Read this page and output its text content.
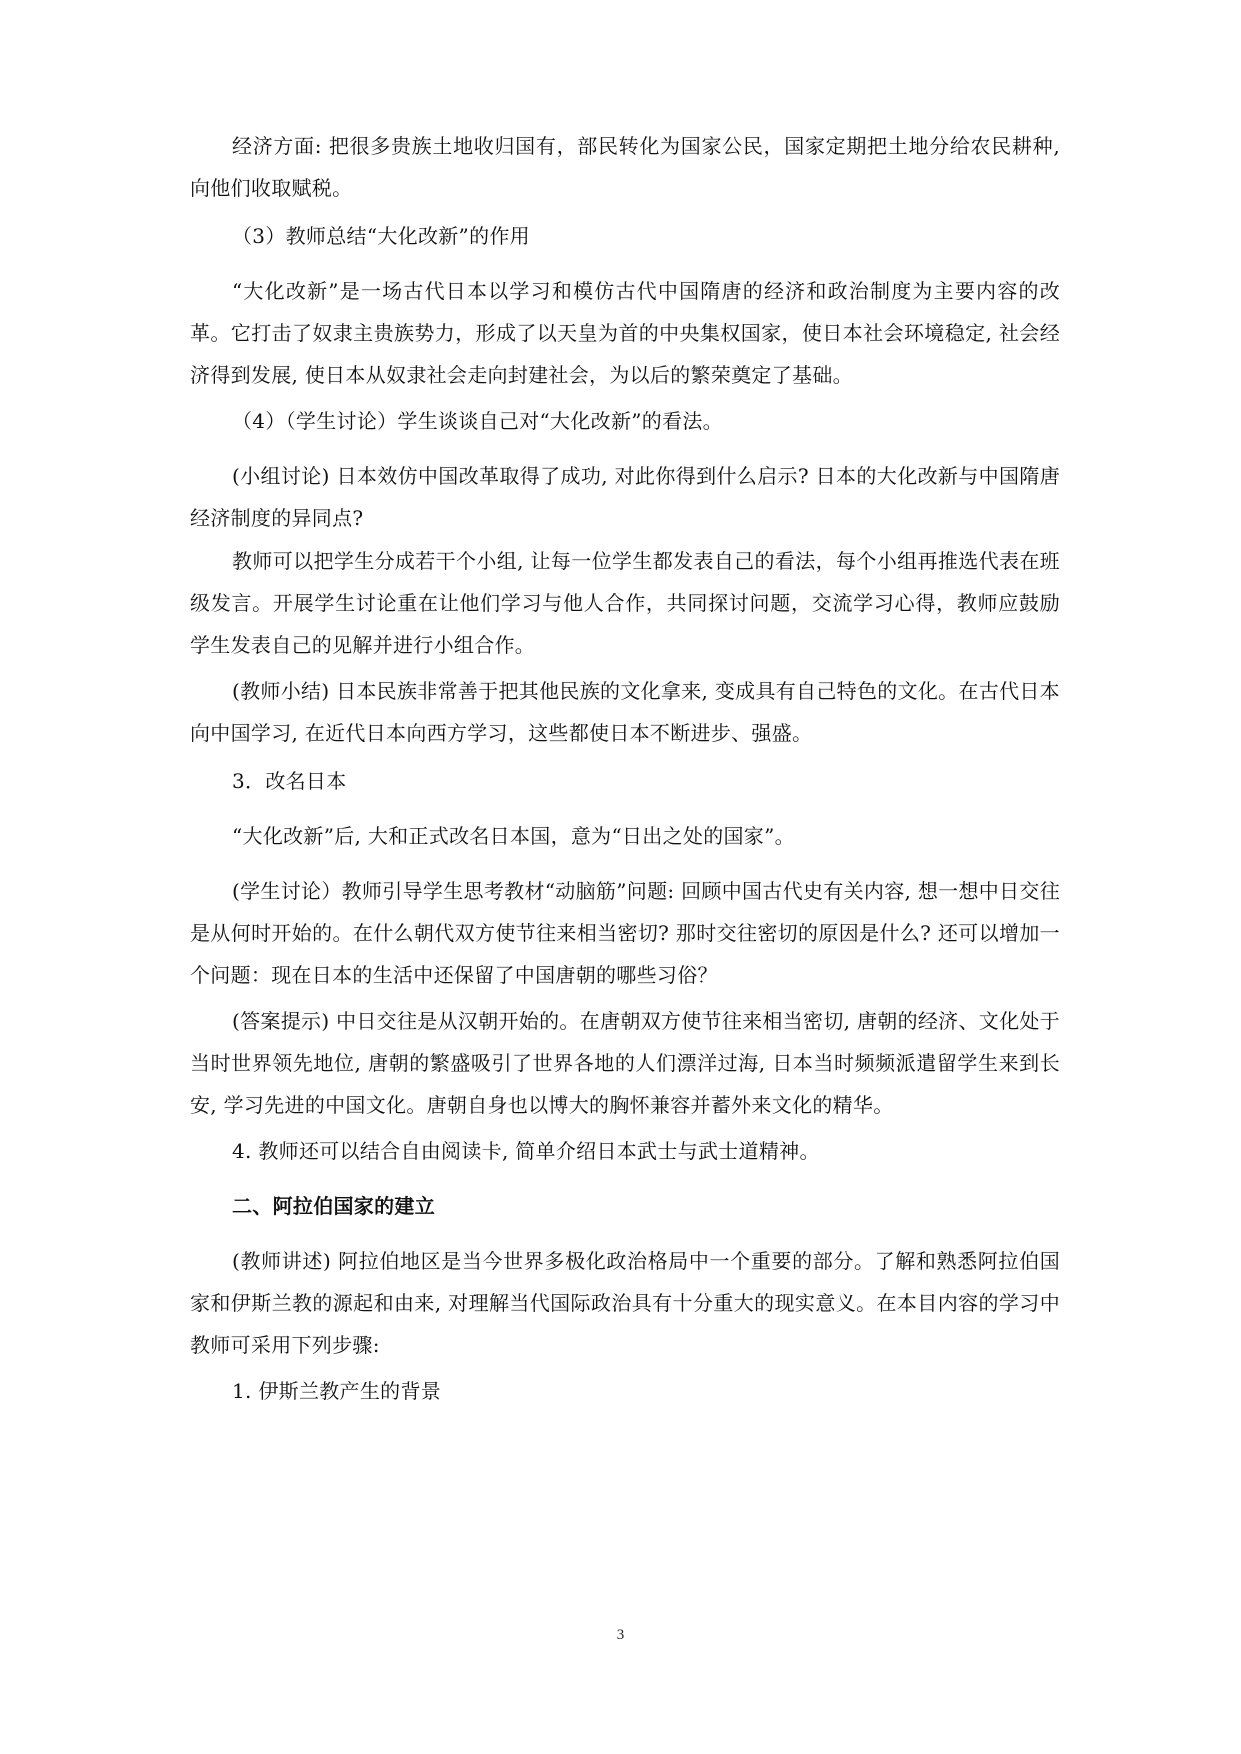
经济方面: 把很多贵族土地收归国有，部民转化为国家公民，国家定期把土地分给农民耕种, 向他们收取赋税。

（3）教师总结“大化改新”的作用

“大化改新”是一场古代日本以学习和模仿古代中国隋唐的经济和政治制度为主要内容的改革。它打击了奴隶主贵族势力，形成了以天皇为首的中央集权国家，使日本社会环境稳定, 社会经济得到发展, 使日本从奴隶社会走向封建社会，为以后的繁荣奠定了基础。

（4）（学生讨论）学生谈谈自己对“大化改新”的看法。

(小组讨论) 日本效仿中国改革取得了成功, 对此你得到什么启示? 日本的大化改新与中国隋唐经济制度的异同点?

教师可以把学生分成若干个小组, 让每一位学生都发表自己的看法，每个小组再推选代表在班级发言。开展学生讨论重在让他们学习与他人合作，共同探讨问题，交流学习心得，教师应鼓励学生发表自己的见解并进行小组合作。

(教师小结) 日本民族非常善于把其他民族的文化拿来, 变成具有自己特色的文化。在古代日本向中国学习, 在近代日本向西方学习，这些都使日本不断进步、强盛。

3．改名日本

“大化改新”后, 大和正式改名日本国，意为“日出之处的国家”。

(学生讨论）教师引导学生思考教材“动脑筋”问题: 回顾中国古代史有关内容, 想一想中日交往是从何时开始的。在什么朝代双方使节往来相当密切? 那时交往密切的原因是什么? 还可以增加一个问题：现在日本的生活中还保留了中国唐朝的哪些习俗？

(答案提示) 中日交往是从汉朝开始的。在唐朝双方使节往来相当密切, 唐朝的经济、文化处于当时世界领先地位, 唐朝的繁盛吸引了世界各地的人们漂洋过海, 日本当时频频派遣留学生来到长安, 学习先进的中国文化。唐朝自身也以博大的胸怀兼容并蓄外来文化的精华。

4. 教师还可以结合自由阅读卡, 简单介绍日本武士与武士道精神。

二、阿拉伯国家的建立

(教师讲述) 阿拉伯地区是当今世界多极化政治格局中一个重要的部分。了解和熟悉阿拉伯国家和伊斯兰教的源起和由来, 对理解当代国际政治具有十分重大的现实意义。在本目内容的学习中教师可采用下列步骤:

1. 伊斯兰教产生的背景

3
